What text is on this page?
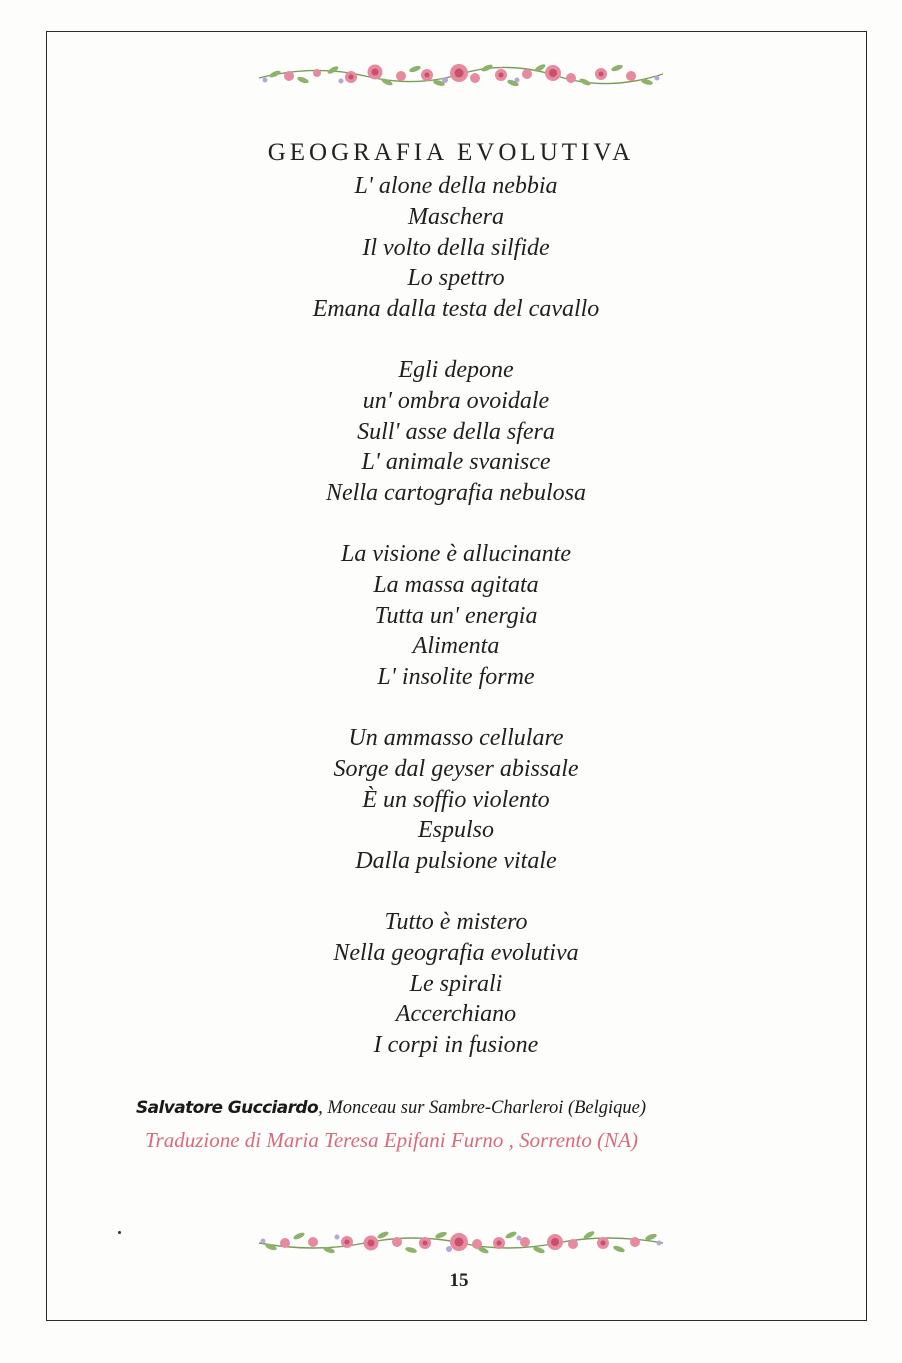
GEOGRAFIA EVOLUTIVA
L' alone della nebbia
Maschera
Il volto della silfide
Lo spettro
Emana dalla testa del cavallo
Egli depone
un' ombra ovoidale
Sull' asse della sfera
L' animale svanisce
Nella cartografia nebulosa
La visione è allucinante
La massa agitata
Tutta un' energia
Alimenta
L' insolite forme
Un ammasso cellulare
Sorge dal geyser abissale
È un soffio violento
Espulso
Dalla pulsione vitale
Tutto è mistero
Nella geografia evolutiva
Le spirali
Accerchiano
I corpi in fusione
Salvatore Gucciardo, Monceau sur Sambre-Charleroi (Belgique)
Traduzione di Maria Teresa Epifani Furno , Sorrento (NA)
15
